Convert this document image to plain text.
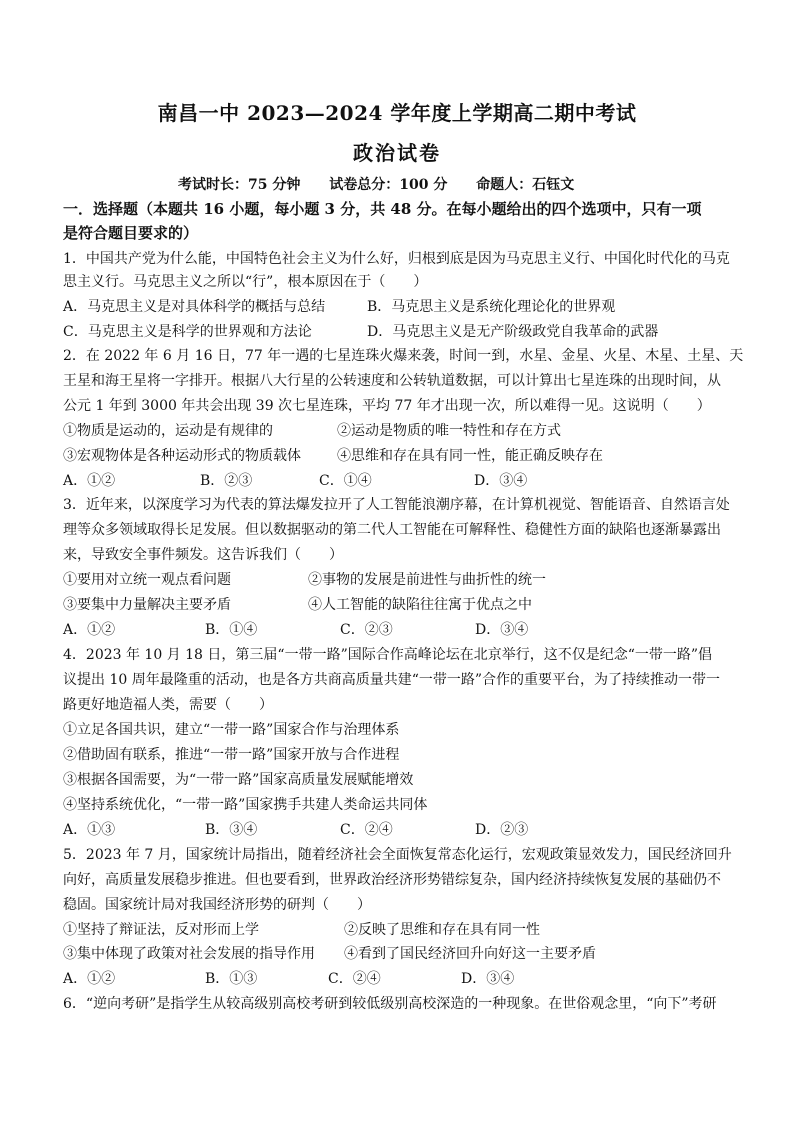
南昌一中 2023—2024 学年度上学期高二期中考试
政治试卷
考试时长：75 分钟 试卷总分：100 分 命题人：石钰文
一．选择题（本题共 16 小题，每小题 3 分，共 48 分。在每小题给出的四个选项中，只有一项
是符合题目要求的）
1．中国共产党为什么能，中国特色社会主义为什么好，归根到底是因为马克思主义行、中国化时代化的马克
思主义行。马克思主义之所以“行”，根本原因在于（　　）
A．马克思主义是对具体科学的概括与总结	B．马克思主义是系统化理论化的世界观
C．马克思主义是科学的世界观和方法论	D．马克思主义是无产阶级政党自我革命的武器
2．在 2022 年 6 月 16 日，77 年一遇的七星连珠火爆来袭，时间一到，水星、金星、火星、木星、土星、天
王星和海王星将一字排开。根据八大行星的公转速度和公转轨道数据，可以计算出七星连珠的出现时间，从
公元 1 年到 3000 年共会出现 39 次七星连珠，平均 77 年才出现一次，所以难得一见。这说明（　　）
①物质是运动的，运动是有规律的	②运动是物质的唯一特性和存在方式
③宏观物体是各种运动形式的物质载体	④思维和存在具有同一性，能正确反映存在
A．①②	B．②③	C．①④	D．③④
3．近年来，以深度学习为代表的算法爆发拉开了人工智能浪潮序幕，在计算机视觉、智能语音、自然语言处
理等众多领域取得长足发展。但以数据驱动的第二代人工智能在可解释性、稳健性方面的缺陷也逐渐暴露出
来，导致安全事件频发。这告诉我们（　　）
①要用对立统一观点看问题	②事物的发展是前进性与曲折性的统一
③要集中力量解决主要矛盾	④人工智能的缺陷往往寓于优点之中
A．①②	B．①④	C．②③	D．③④
4．2023 年 10 月 18 日，第三届“一带一路”国际合作高峰论坛在北京举行，这不仅是纪念“一带一路”倡
议提出 10 周年最隆重的活动，也是各方共商高质量共建“一带一路”合作的重要平台，为了持续推动一带一
路更好地造福人类，需要（　　）
①立足各国共识，建立“一带一路”国家合作与治理体系
②借助固有联系，推进“一带一路”国家开放与合作进程
③根据各国需要，为“一带一路”国家高质量发展赋能增效
④坚持系统优化，“一带一路”国家携手共建人类命运共同体
A．①③	B．③④	C．②④	D．②③
5．2023 年 7 月，国家统计局指出，随着经济社会全面恢复常态化运行，宏观政策显效发力，国民经济回升
向好，高质量发展稳步推进。但也要看到，世界政治经济形势错综复杂，国内经济持续恢复发展的基础仍不
稳固。国家统计局对我国经济形势的研判（　　）
①坚持了辩证法，反对形而上学	②反映了思维和存在具有同一性
③集中体现了政策对社会发展的指导作用 ④看到了国民经济回升向好这一主要矛盾
A．①②	B．①③	C．②④	D．③④
6．“逆向考研”是指学生从较高级别高校考研到较低级别高校深造的一种现象。在世俗观念里，“向下”考研
